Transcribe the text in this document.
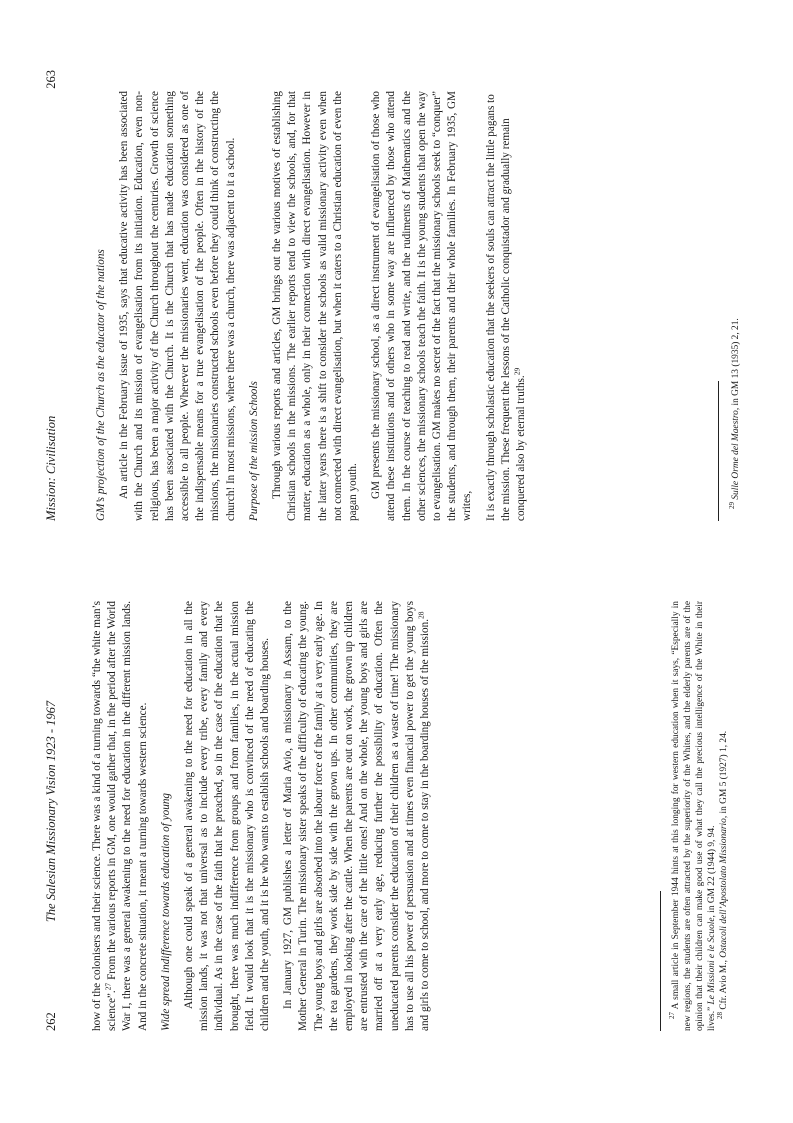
262
The Salesian Missionary Vision 1923 - 1967	how of the colonisers and their science. There was a kind of a turning towards “the white man’s science”.$^{27}$ From the various reports in GM, one would gather that, in the period after the World War I, there was a general awakening to the need for education in the different mission lands. And in the concrete situation, it meant a turning towards western science. Wide spread indifference towards education of young Although one could speak of a general awakening to the need for education in all the mission lands, it was not that universal as to include every tribe, every family and every individual. As in the case of the faith that he preached, so in the case of the education that he brought, there was much indifference from groups and from families, in the actual mission field. It would look that it is the missionary who is convinced of the need of educating the children and the youth, and it is he who wants to establish schools and boarding houses. In January 1927, GM publishes a letter of Maria Avio, a missionary in Assam, to the Mother General in Turin. The missionary sister speaks of the difficulty of educating the young. The young boys and girls are absorbed into the labour force of the family at a very early age. In the tea gardens, they work side by side with the grown ups. In other communities, they are employed in looking after the cattle. When the parents are out on work, the grown up children are entrusted with the care of the little ones! And on the whole, the young boys and girls are married off at a very early age, reducing further the possibility of education. Often the uneducated parents consider the education of their children as a waste of time! The missionary has to use all his power of persuasion and at times even financial power to get the young boys and girls to come to school, and more to come to stay in the boarding houses of the mission.$^{28}$

$^{27}$ A small article in September 1944 hints at this longing for western education when it says, “Especially in new regions, the students are often attracted by the superiority of the Whites, and the elderly parents are of the opinion that their children can make good use of what they call the precious intelligence of the White in their lives.” Le Missioni e le Scuole, in GM 22 (1944) 9, 94.

$^{28}$ Cfr. Avio M., Ostacoli dell’Apostolato Missionario, in GM 5 (1927) 1, 24.

Mission: Civilisation
263
GM’s projection of the Church as the educator of the nations An article in the February issue of 1935, says that educative activity has been associated with the Church and its mission of evangelisation from its initiation. Education, even non-religious, has been a major activity of the Church throughout the centuries. Growth of science has been associated with the Church. It is the Church that has made education something accessible to all people. Wherever the missionaries went, education was considered as one of the indispensable means for a true evangelisation of the people. Often in the history of the missions, the missionaries constructed schools even before they could think of constructing the church! In most missions, where there was a church, there was adjacent to it a school. Purpose of the mission Schools Through various reports and articles, GM brings out the various motives of establishing Christian schools in the missions. The earlier reports tend to view the schools, and, for that matter, education as a whole, only in their connection with direct evangelisation. However in the latter years there is a shift to consider the schools as valid missionary activity even when not connected with direct evangelisation, but when it caters to a Christian education of even the pagan youth. GM presents the missionary school, as a direct instrument of evangelisation of those who attend these institutions and of others who in some way are influenced by those who attend them. In the course of teaching to read and write, and the rudiments of Mathematics and the other sciences, the missionary schools teach the faith. It is the young students that open the way to evangelisation. GM makes no secret of the fact that the missionary schools seek to “conquer” the students, and through them, their parents and their whole families. In February 1935, GM writes, It is exactly through scholastic education that the seekers of souls can attract the little pagans to the mission. These frequent the lessons of the Catholic conquistador and gradually remain conquered also by eternal truths.$^{29}$

$^{29}$ Sulle Orme del Maestro, in GM 13 (1935) 2, 21.
